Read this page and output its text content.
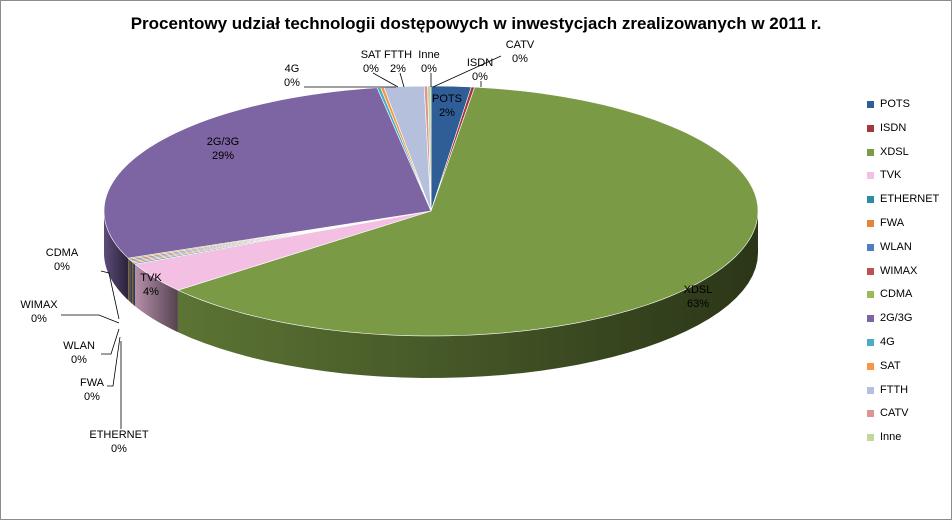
Procentowy udział technologii dostępowych w inwestycjach zrealizowanych w 2011 r.
POTS
2%
ISDN
0%
XDSL
63%
TVK
4%
ETHERNET
0%
FWA
0%
WLAN
0%
WIMAX
0%
CDMA
0%
2G/3G
29%
4G
0%
SAT
0%
FTTH
2%
CATV
0%
Inne
0%
POTS
ISDN
XDSL
TVK
ETHERNET
FWA
WLAN
WIMAX
CDMA
2G/3G
4G
SAT
FTTH
CATV
Inne
